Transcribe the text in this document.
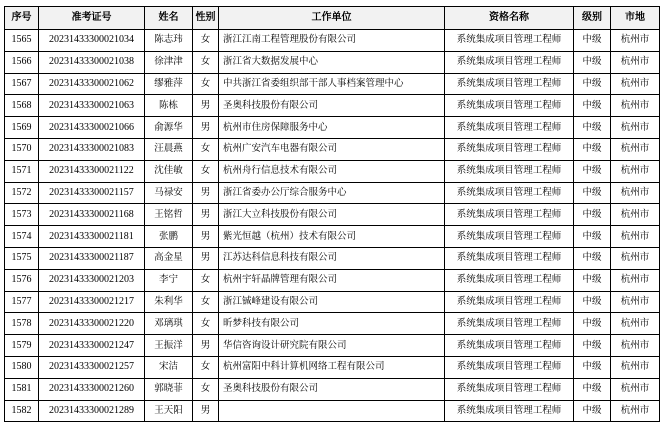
序号	准考证号	姓名	性别	工作单位	资格名称	级别	市地
1565	20231433300021034	陈志玮	女	浙江江南工程管理股份有限公司	系统集成项目管理工程师	中级	杭州市
1566	20231433300021038	徐津津	女	浙江省大数据发展中心	系统集成项目管理工程师	中级	杭州市
1567	20231433300021062	缪雅萍	女	中共浙江省委组织部干部人事档案管理中心	系统集成项目管理工程师	中级	杭州市
1568	20231433300021063	陈栋	男	圣奥科技股份有限公司	系统集成项目管理工程师	中级	杭州市
1569	20231433300021066	俞源华	男	杭州市住房保障服务中心	系统集成项目管理工程师	中级	杭州市
1570	20231433300021083	汪晨燕	女	杭州广安汽车电器有限公司	系统集成项目管理工程师	中级	杭州市
1571	20231433300021122	沈佳敏	女	杭州舟行信息技术有限公司	系统集成项目管理工程师	中级	杭州市
1572	20231433300021157	马禄安	男	浙江省委办公厅综合服务中心	系统集成项目管理工程师	中级	杭州市
1573	20231433300021168	王铭哲	男	浙江大立科技股份有限公司	系统集成项目管理工程师	中级	杭州市
1574	20231433300021181	张鹏	男	紫光恒越（杭州）技术有限公司	系统集成项目管理工程师	中级	杭州市
1575	20231433300021187	高金星	男	江苏达科信息科技有限公司	系统集成项目管理工程师	中级	杭州市
1576	20231433300021203	李宁	女	杭州宇轩晶牌管理有限公司	系统集成项目管理工程师	中级	杭州市
1577	20231433300021217	朱利华	女	浙江铖峰建设有限公司	系统集成项目管理工程师	中级	杭州市
1578	20231433300021220	邓璃琪	女	昕梦科技有限公司	系统集成项目管理工程师	中级	杭州市
1579	20231433300021247	王振洋	男	华信咨询设计研究院有限公司	系统集成项目管理工程师	中级	杭州市
1580	20231433300021257	宋洁	女	杭州富阳中科计算机网络工程有限公司	系统集成项目管理工程师	中级	杭州市
1581	20231433300021260	郭晓菲	女	圣奥科技股份有限公司	系统集成项目管理工程师	中级	杭州市
1582	20231433300021289	王天阳	男		系统集成项目管理工程师	中级	杭州市
